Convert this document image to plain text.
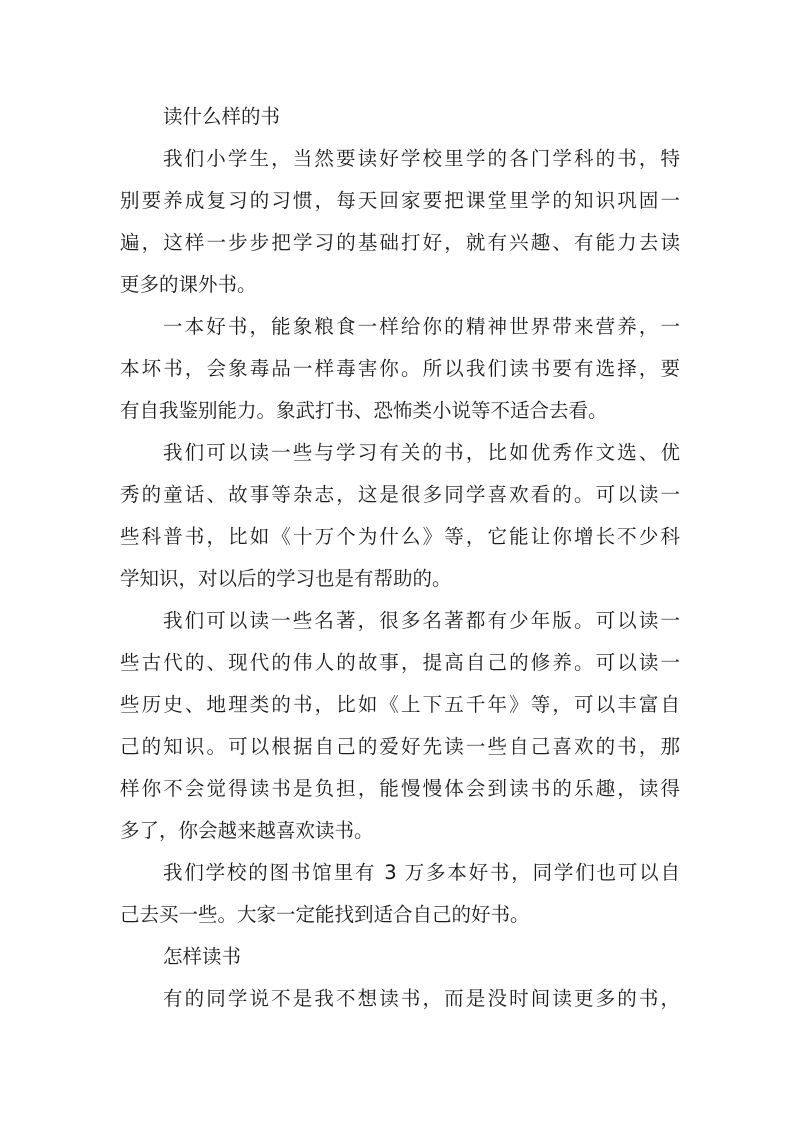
读什么样的书
我们小学生，当然要读好学校里学的各门学科的书，特
别要养成复习的习惯，每天回家要把课堂里学的知识巩固一
遍，这样一步步把学习的基础打好，就有兴趣、有能力去读
更多的课外书。
一本好书，能象粮食一样给你的精神世界带来营养，一
本坏书，会象毒品一样毒害你。所以我们读书要有选择，要
有自我鉴别能力。象武打书、恐怖类小说等不适合去看。
我们可以读一些与学习有关的书，比如优秀作文选、优
秀的童话、故事等杂志，这是很多同学喜欢看的。可以读一
些科普书，比如《十万个为什么》等，它能让你增长不少科
学知识，对以后的学习也是有帮助的。
我们可以读一些名著，很多名著都有少年版。可以读一
些古代的、现代的伟人的故事，提高自己的修养。可以读一
些历史、地理类的书，比如《上下五千年》等，可以丰富自
己的知识。可以根据自己的爱好先读一些自己喜欢的书，那
样你不会觉得读书是负担，能慢慢体会到读书的乐趣，读得
多了，你会越来越喜欢读书。
我们学校的图书馆里有 3 万多本好书，同学们也可以自
己去买一些。大家一定能找到适合自己的好书。
怎样读书
有的同学说不是我不想读书，而是没时间读更多的书，
